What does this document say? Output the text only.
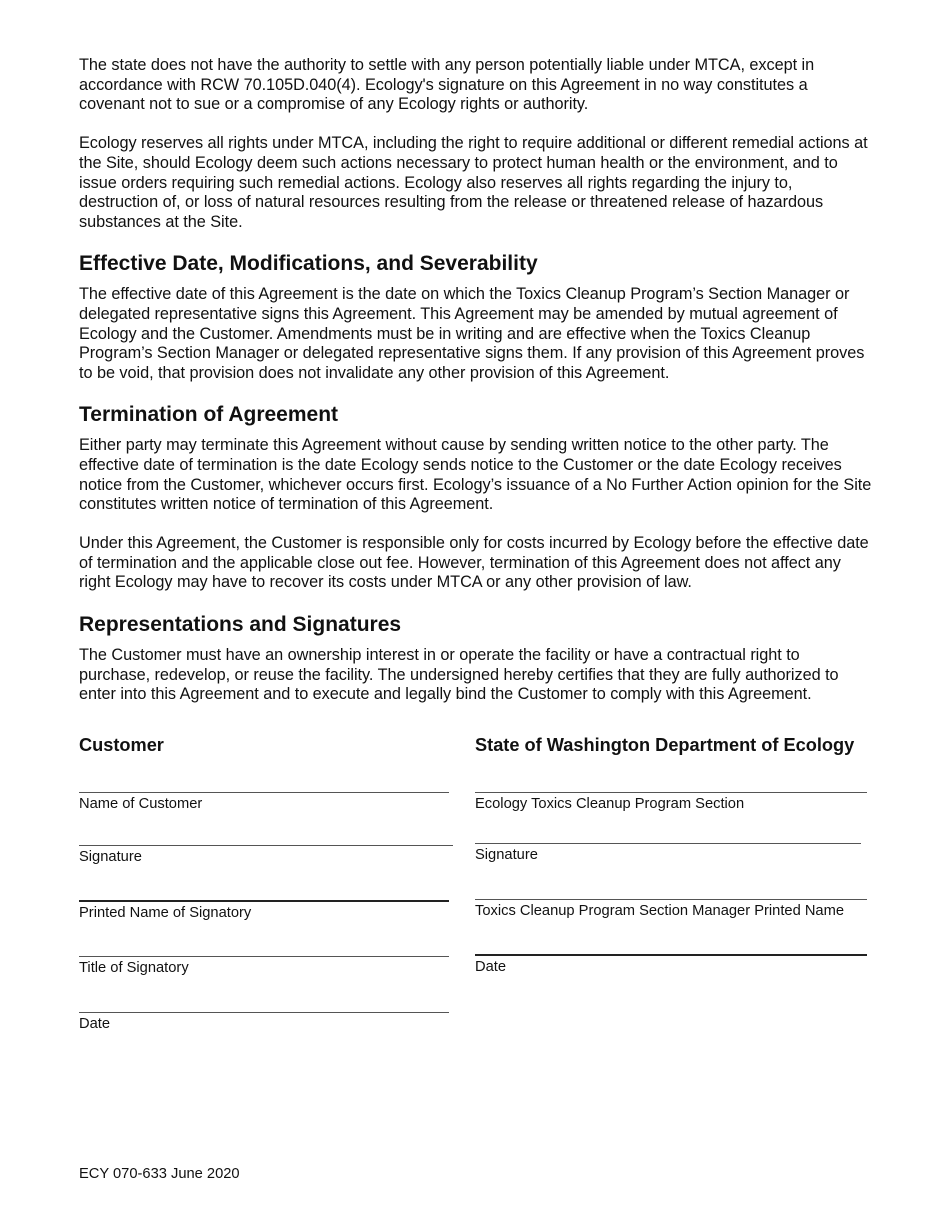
The state does not have the authority to settle with any person potentially liable under MTCA, except in accordance with RCW 70.105D.040(4). Ecology's signature on this Agreement in no way constitutes a covenant not to sue or a compromise of any Ecology rights or authority.

Ecology reserves all rights under MTCA, including the right to require additional or different remedial actions at the Site, should Ecology deem such actions necessary to protect human health or the environment, and to issue orders requiring such remedial actions. Ecology also reserves all rights regarding the injury to, destruction of, or loss of natural resources resulting from the release or threatened release of hazardous substances at the Site.

Effective Date, Modifications, and Severability

The effective date of this Agreement is the date on which the Toxics Cleanup Program’s Section Manager or delegated representative signs this Agreement. This Agreement may be amended by mutual agreement of Ecology and the Customer. Amendments must be in writing and are effective when the Toxics Cleanup Program’s Section Manager or delegated representative signs them. If any provision of this Agreement proves to be void, that provision does not invalidate any other provision of this Agreement.

Termination of Agreement

Either party may terminate this Agreement without cause by sending written notice to the other party. The effective date of termination is the date Ecology sends notice to the Customer or the date Ecology receives notice from the Customer, whichever occurs first. Ecology’s issuance of a No Further Action opinion for the Site constitutes written notice of termination of this Agreement.

Under this Agreement, the Customer is responsible only for costs incurred by Ecology before the effective date of termination and the applicable close out fee. However, termination of this Agreement does not affect any right Ecology may have to recover its costs under MTCA or any other provision of law.

Representations and Signatures

The Customer must have an ownership interest in or operate the facility or have a contractual right to purchase, redevelop, or reuse the facility. The undersigned hereby certifies that they are fully authorized to enter into this Agreement and to execute and legally bind the Customer to comply with this Agreement.

Customer
Name of Customer
Signature
Printed Name of Signatory
Title of Signatory
Date
State of Washington Department of Ecology
Ecology Toxics Cleanup Program Section
Signature
Toxics Cleanup Program Section Manager Printed Name
Date
ECY 070-633 June 2020
